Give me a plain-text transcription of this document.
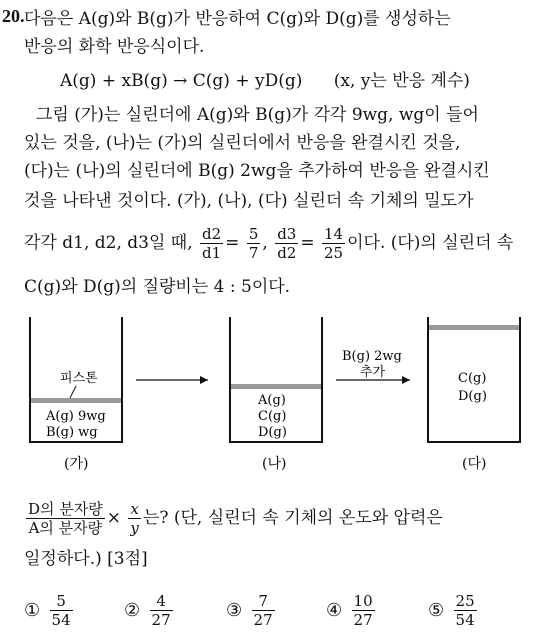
20. 다음은 A(g)와 B(g)가 반응하여 C(g)와 D(g)를 생성하는
반응의 화학 반응식이다.
A(g) + xB(g) → C(g) + yD(g) (x, y는 반응 계수)
그림 (가)는 실린더에 A(g)와 B(g)가 각각 9wg, wg이 들어
있는 것을, (나)는 (가)의 실린더에서 반응을 완결시킨 것을,
(다)는 (나)의 실린더에 B(g) 2wg을 추가하여 반응을 완결시킨
것을 나타낸 것이다. (가), (나), (다) 실린더 속 기체의 밀도가
각각 d1, d2, d3일 때, $\frac{d2}{d1} = \frac{5}{7}$ , $\frac{d3}{d2} = \frac{14}{25}$ 이다. (다)의 실린더 속
C(g)와 D(g)의 질량비는 4 : 5이다.
피스톤
A(g) 9wg
B(g) wg
(가)
A(g)
C(g)
D(g)
(나)
B(g) 2wg
추가	C(g)
D(g)
(다)
$\frac{\text{D의 분자량}}{\text{A의 분자량}} \times \frac{x}{y}$ 는? (단, 실린더 속 기체의 온도와 압력은
일정하다.) [3점]
① $\frac{5}{54}$	② $\frac{4}{27}$	③ $\frac{7}{27}$	④ $\frac{10}{27}$	⑤ $\frac{25}{54}$
